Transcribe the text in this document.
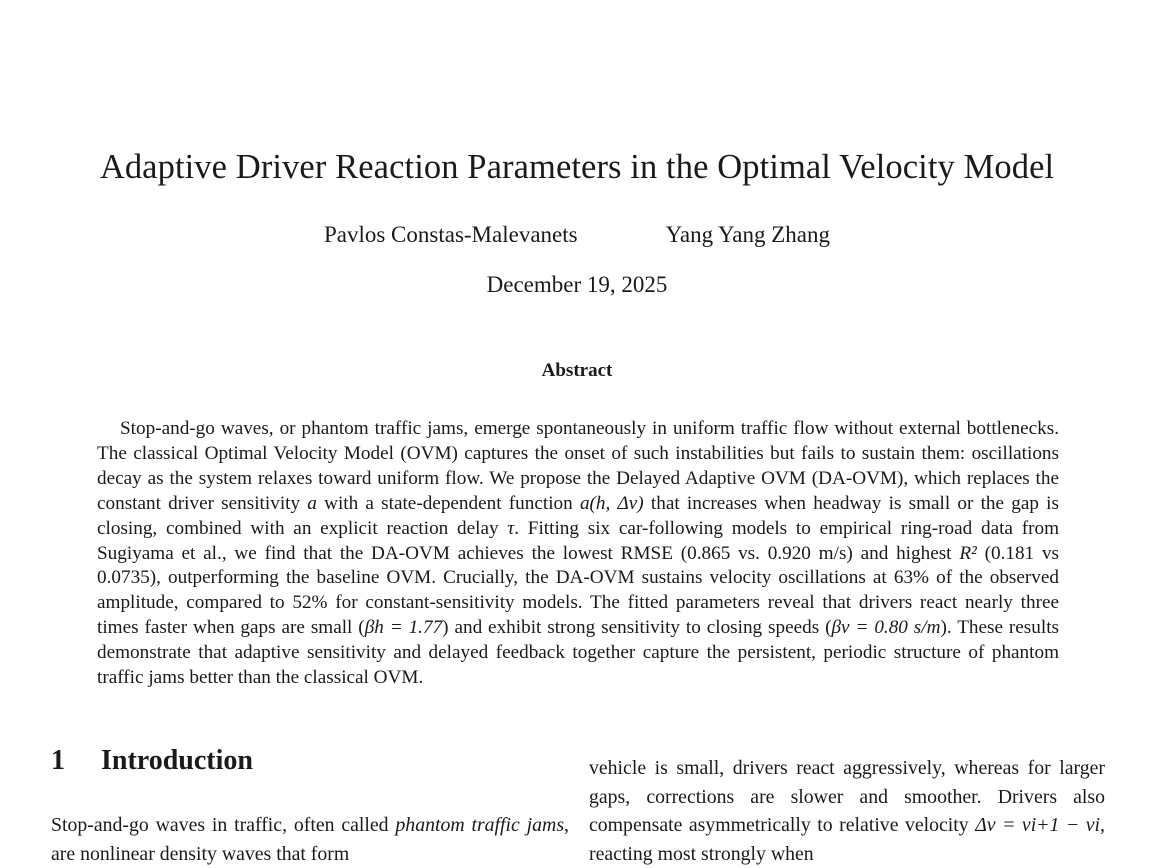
Adaptive Driver Reaction Parameters in the Optimal Velocity Model
Pavlos Constas-Malevanets	Yang Yang Zhang
December 19, 2025
Abstract

Stop-and-go waves, or phantom traffic jams, emerge spontaneously in uniform traffic flow without external bottlenecks. The classical Optimal Velocity Model (OVM) captures the onset of such instabilities but fails to sustain them: oscillations decay as the system relaxes toward uniform flow. We propose the Delayed Adaptive OVM (DA-OVM), which replaces the constant driver sensitivity a with a state-dependent function a(h, Δv) that increases when headway is small or the gap is closing, combined with an explicit reaction delay τ. Fitting six car-following models to empirical ring-road data from Sugiyama et al., we find that the DA-OVM achieves the lowest RMSE (0.865 vs. 0.920 m/s) and highest R² (0.181 vs 0.0735), outperforming the baseline OVM. Crucially, the DA-OVM sustains velocity oscillations at 63% of the observed amplitude, compared to 52% for constant-sensitivity models. The fitted parameters reveal that drivers react nearly three times faster when gaps are small (βh = 1.77) and exhibit strong sensitivity to closing speeds (βv = 0.80 s/m). These results demonstrate that adaptive sensitivity and delayed feedback together capture the persistent, periodic structure of phantom traffic jams better than the classical OVM.

1 Introduction

Stop-and-go waves in traffic, often called phantom traffic jams, are nonlinear density waves that form

vehicle is small, drivers react aggressively, whereas for larger gaps, corrections are slower and smoother. Drivers also compensate asymmetrically to relative velocity Δv = vi+1 − vi, reacting most strongly when
